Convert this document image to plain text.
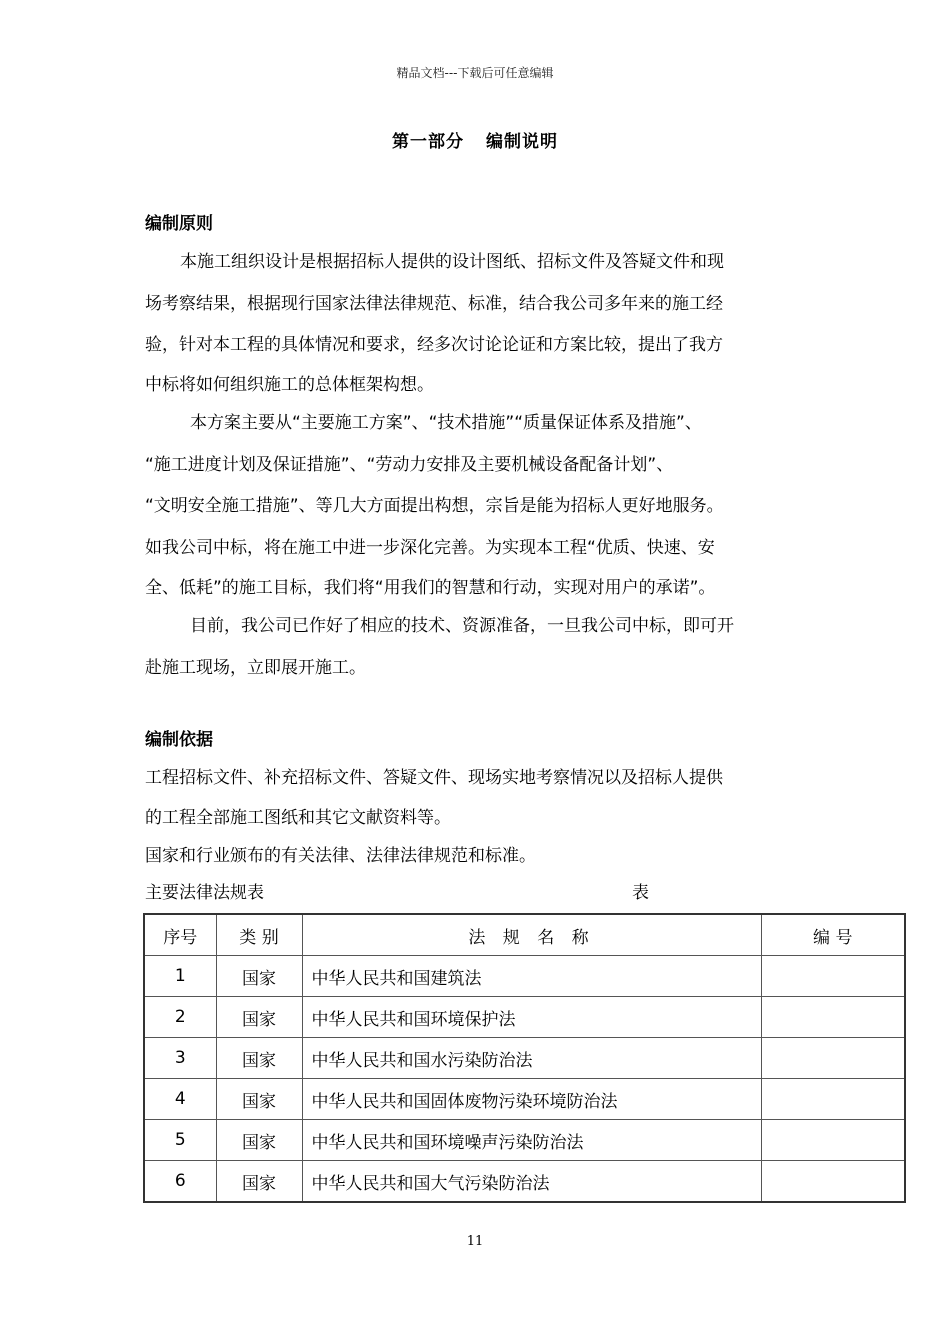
精品文档---下载后可任意编辑
第一部分 编制说明
编制原则
本施工组织设计是根据招标人提供的设计图纸、招标文件及答疑文件和现
场考察结果，根据现行国家法律法律规范、标准，结合我公司多年来的施工经
验，针对本工程的具体情况和要求，经多次讨论论证和方案比较，提出了我方
中标将如何组织施工的总体框架构想。
本方案主要从“主要施工方案”、“技术措施”“质量保证体系及措施”、
“施工进度计划及保证措施”、“劳动力安排及主要机械设备配备计划”、
“文明安全施工措施”、等几大方面提出构想，宗旨是能为招标人更好地服务。
如我公司中标，将在施工中进一步深化完善。为实现本工程“优质、快速、安
全、低耗”的施工目标，我们将“用我们的智慧和行动，实现对用户的承诺”。
目前，我公司已作好了相应的技术、资源准备，一旦我公司中标，即可开
赴施工现场，立即展开施工。
编制依据
工程招标文件、补充招标文件、答疑文件、现场实地考察情况以及招标人提供
的工程全部施工图纸和其它文献资料等。
国家和行业颁布的有关法律、法律法律规范和标准。
主要法律法规表	表
序号	类 别	法 规 名 称	编 号
1	国家	中华人民共和国建筑法	
2	国家	中华人民共和国环境保护法	
3	国家	中华人民共和国水污染防治法	
4	国家	中华人民共和国固体废物污染环境防治法	
5	国家	中华人民共和国环境噪声污染防治法	
6	国家	中华人民共和国大气污染防治法	
11
